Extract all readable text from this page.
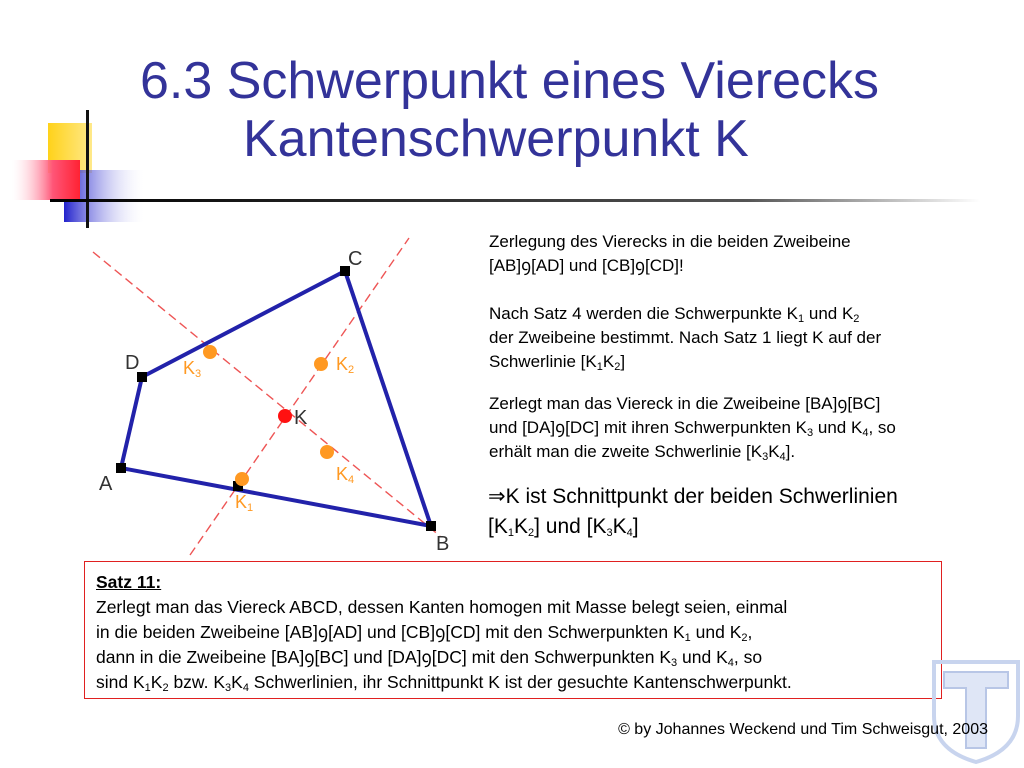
6.3 Schwerpunkt eines Vierecks
Kantenschwerpunkt K
A
B
C
D
K
K1
K2
K3
K4
Zerlegung des Vierecks in die beiden Zweibeine
[AB]ꝯ[AD] und [CB]ꝯ[CD]!
Nach Satz 4 werden die Schwerpunkte $K_1$ und $K_2$
der Zweibeine bestimmt. Nach Satz 1 liegt K auf der
Schwerlinie $[K_1K_2]$
Zerlegt man das Viereck in die Zweibeine [BA]ꝯ[BC]
und [DA]ꝯ[DC] mit ihren Schwerpunkten $K_3$ und $K_4$, so
erhält man die zweite Schwerlinie $[K_3K_4]$.
⇒K ist Schnittpunkt der beiden Schwerlinien
$[K_1K_2]$ und $[K_3K_4]$
Satz 11:
Zerlegt man das Viereck ABCD, dessen Kanten homogen mit Masse belegt seien, einmal
in die beiden Zweibeine [AB]ꝯ[AD] und [CB]ꝯ[CD] mit den Schwerpunkten $K_1$ und $K_2$,
dann in die Zweibeine [BA]ꝯ[BC] und [DA]ꝯ[DC] mit den Schwerpunkten $K_3$ und $K_4$, so
sind $K_1K_2$ bzw. $K_3K_4$ Schwerlinien, ihr Schnittpunkt K ist der gesuchte Kantenschwerpunkt.
© by Johannes Weckend und Tim Schweisgut, 2003
